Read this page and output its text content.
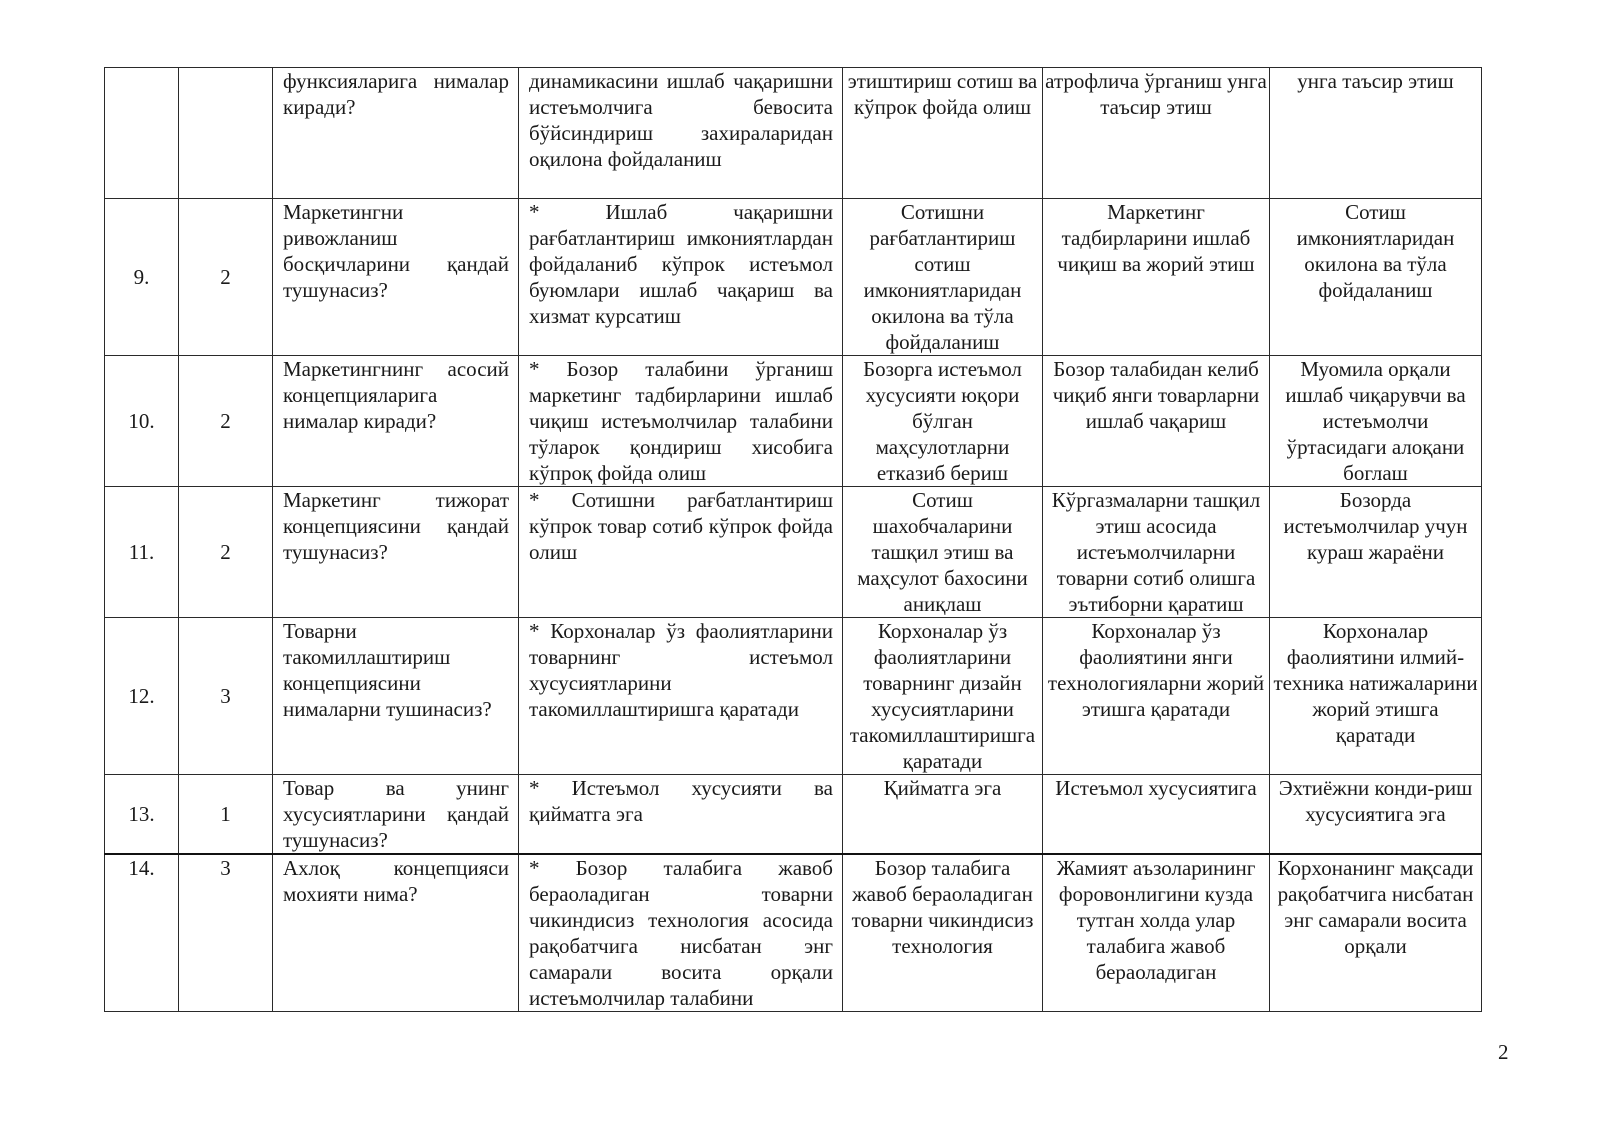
		функсияларига нималар киради?	динамикасини ишлаб чақаришни истеъмолчига бевосита бўйсиндириш захираларидан оқилона фойдаланиш	этиштириш сотиш ва кўпрок фойда олиш	атрофлича ўрганиш унга таъсир этиш	унга таъсир этиш
9.	2	Маркетингни ривожланиш босқичларини қандай тушунасиз?	* Ишлаб чақаришни рағбатлантириш имкониятлардан фойдаланиб кўпрок истеъмол буюмлари ишлаб чақариш ва хизмат курсатиш	Сотишни рағбатлантириш сотиш имкониятларидан окилона ва тўла фойдаланиш	Маркетинг тадбирларини ишлаб чиқиш ва жорий этиш	Сотиш имкониятларидан окилона ва тўла фойдаланиш
10.	2	Маркетингнинг асосий концепцияларига нималар киради?	* Бозор талабини ўрганиш маркетинг тадбирларини ишлаб чиқиш истеъмолчилар талабини тўларок қондириш хисобига кўпроқ фойда олиш	Бозорга истеъмол хусусияти юқори бўлган маҳсулотларни еткaзиб бериш	Бозор талабидан келиб чиқиб янги товарларни ишлаб чақариш	Муомила орқали ишлаб чиқарувчи ва истеъмолчи ўртасидаги алоқани боглаш
11.	2	Маркетинг тижорат концепциясини қандай тушунасиз?	* Сотишни рағбатлантириш кўпрок товар сотиб кўпрок фойда олиш	Сотиш шахобчаларини ташқил этиш ва маҳсулот бахосини аниқлаш	Кўргазмаларни ташқил этиш асосида истеъмолчиларни товарни сотиб олишга эътиборни қаратиш	Бозорда истеъмолчилар учун кураш жараёни
12.	3	Товарни такомиллаштириш концепциясини нималарни тушинасиз?	* Корхоналар ўз фаолиятларини товарнинг истеъмол хусусиятларини такомиллаштиришга қаратади	Корхоналар ўз фаолиятларини товарнинг дизайн хусусиятларини такомиллаштиришга қаратади	Корхоналар ўз фаолиятини янги технологияларни жорий этишга қаратади	Корхоналар фаолиятини илмий-техника натижаларини жорий этишга қаратади
13.	1	Товар ва унинг хусусиятларини қандай тушунасиз?	* Истеъмол хусусияти ва қийматга эга	Қийматга эга	Истеъмол хусусиятига	Эхтиёжни конди-риш хусусиятига эга
14.	3	Ахлоқ концепцияси мохияти нима?	* Бозор талабига жавоб бераоладиган товарни чикиндисиз технология асосида рақобатчига нисбатан энг самарали восита орқали истеъмолчилар талабини	Бозор талабига жавоб бераоладиган товарни чикиндисиз технология	Жамият аъзоларининг форовонлигини кузда тутган холда улар талабига жавоб бераоладиган	Корхонанинг мақсади рақобатчига нисбатан энг самарали восита орқали
2
